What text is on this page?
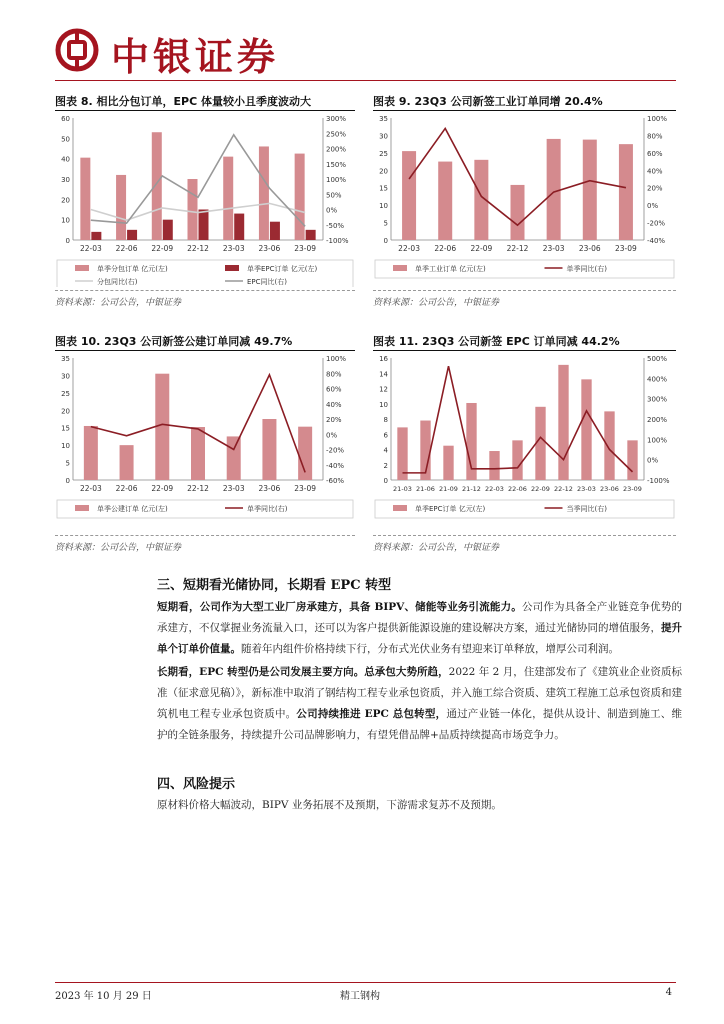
中银证券
图表 8. 相比分包订单，EPC 体量较小且季度波动大	图表 9. 23Q3 公司新签工业订单同增 20.4%
图表 10. 23Q3 公司新签公建订单同减 49.7%	图表 11. 23Q3 公司新签 EPC 订单同减 44.2%
0
10
20
30
40
50
60
-100%
-50%
0%
50%
100%
150%
200%
250%
300%
22-03 22-06 22-09 22-12 23-03 23-06 23-09
单季分包订单 亿元(左)	单季EPC订单 亿元(左)
分包同比(右)	EPC同比(右)
0
5
10
15
20
25
30
35
-40%
-20%
0%
20%
40%
60%
80%
100%
22-03 22-06 22-09 22-12 23-03 23-06 23-09
单季工业订单 亿元(左)	单季同比(右)
0
5
10
15
20
25
30
35
-60%
-40%
-20%
0%
20%
40%
60%
80%
100%
22-03 22-06 22-09 22-12 23-03 23-06 23-09
单季公建订单 亿元(左)	单季同比(右)
0
2
4
6
8
10
12
14
16
-100%
0%
100%
200%
300%
400%
500%
21-03 21-06 21-09 21-12 22-03 22-06 22-09 22-12 23-03 23-06 23-09
单季EPC订单 亿元(左)	当季同比(右)
资料来源：公司公告，中银证券	资料来源：公司公告，中银证券
资料来源：公司公告，中银证券	资料来源：公司公告，中银证券
三、短期看光储协同，长期看 EPC 转型
短期看，公司作为大型工业厂房承建方，具备 BIPV、储能等业务引流能力。公司作为具备全产业链竞争优势的承建方，不仅掌握业务流量入口，还可以为客户提供新能源设施的建设解决方案，通过光储协同的增值服务，提升单个订单价值量。随着年内组件价格持续下行，分布式光伏业务有望迎来订单释放，增厚公司利润。
长期看，EPC 转型仍是公司发展主要方向。总承包大势所趋，2022 年 2 月，住建部发布了《建筑业企业资质标准（征求意见稿）》，新标准中取消了钢结构工程专业承包资质，并入施工综合资质、建筑工程施工总承包资质和建筑机电工程专业承包资质中。公司持续推进 EPC 总包转型，通过产业链一体化，提供从设计、制造到施工、维护的全链条服务，持续提升公司品牌影响力，有望凭借品牌+品质持续提高市场竞争力。
四、风险提示
原材料价格大幅波动，BIPV 业务拓展不及预期，下游需求复苏不及预期。
2023 年 10 月 29 日	精工钢构	4
